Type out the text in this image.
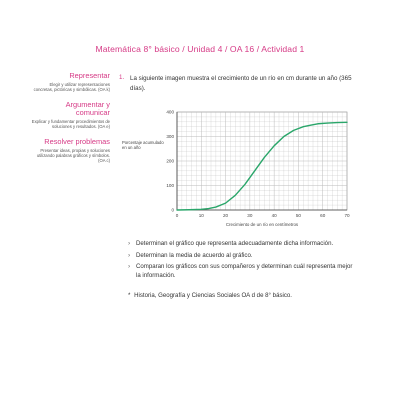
Matemática 8° básico / Unidad 4 / OA 16 / Actividad 1
Representar
Elegir y utilizar representaciones concretas, pictóricas y simbólicas. (OA k)
Argumentar y comunicar
Explicar y fundamentar procedimientos de soluciones y resultados. (OA e)
Resolver problemas
Presentar ideas, propias y soluciones utilizando palabras gráficos y símbolos. (OA c)
1. La siguiente imagen muestra el crecimiento de un río en cm durante un año (365 días).
Porcentaje acumulado en un año
0	10	20	30	40	50	60	70
0
100
200
300
400
Crecimiento de un río en centímetros
› Determinan el gráfico que representa adecuadamente dicha información.
› Determinan la media de acuerdo al gráfico.
› Comparan los gráficos con sus compañeros y determinan cuál representa mejor la información.
* Historia, Geografía y Ciencias Sociales OA d de 8° básico.
